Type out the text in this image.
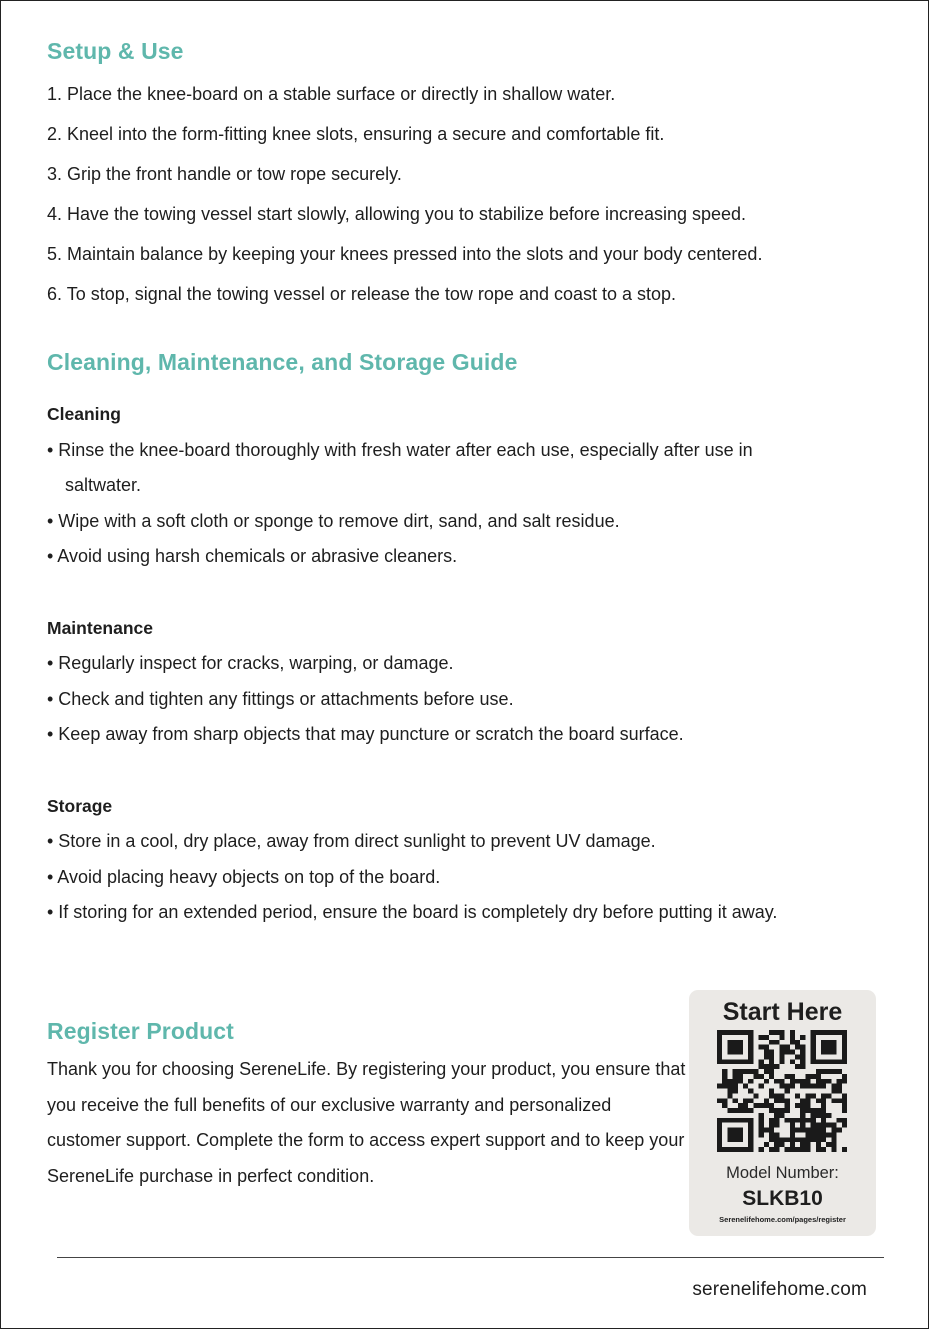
Setup & Use
1. Place the knee-board on a stable surface or directly in shallow water.
2. Kneel into the form-fitting knee slots, ensuring a secure and comfortable fit.
3. Grip the front handle or tow rope securely.
4. Have the towing vessel start slowly, allowing you to stabilize before increasing speed.
5. Maintain balance by keeping your knees pressed into the slots and your body centered.
6. To stop, signal the towing vessel or release the tow rope and coast to a stop.
Cleaning, Maintenance, and Storage Guide
Cleaning
• Rinse the knee-board thoroughly with fresh water after each use, especially after use in
saltwater.
• Wipe with a soft cloth or sponge to remove dirt, sand, and salt residue.
• Avoid using harsh chemicals or abrasive cleaners.
Maintenance
• Regularly inspect for cracks, warping, or damage.
• Check and tighten any fittings or attachments before use.
• Keep away from sharp objects that may puncture or scratch the board surface.
Storage
• Store in a cool, dry place, away from direct sunlight to prevent UV damage.
• Avoid placing heavy objects on top of the board.
• If storing for an extended period, ensure the board is completely dry before putting it away.
Register Product
Thank you for choosing SereneLife. By registering your product, you ensure that you receive the full benefits of our exclusive warranty and personalized customer support. Complete the form to access expert support and to keep your SereneLife purchase in perfect condition.
Start Here
Model Number:
SLKB10
Serenelifehome.com/pages/register
serenelifehome.com
